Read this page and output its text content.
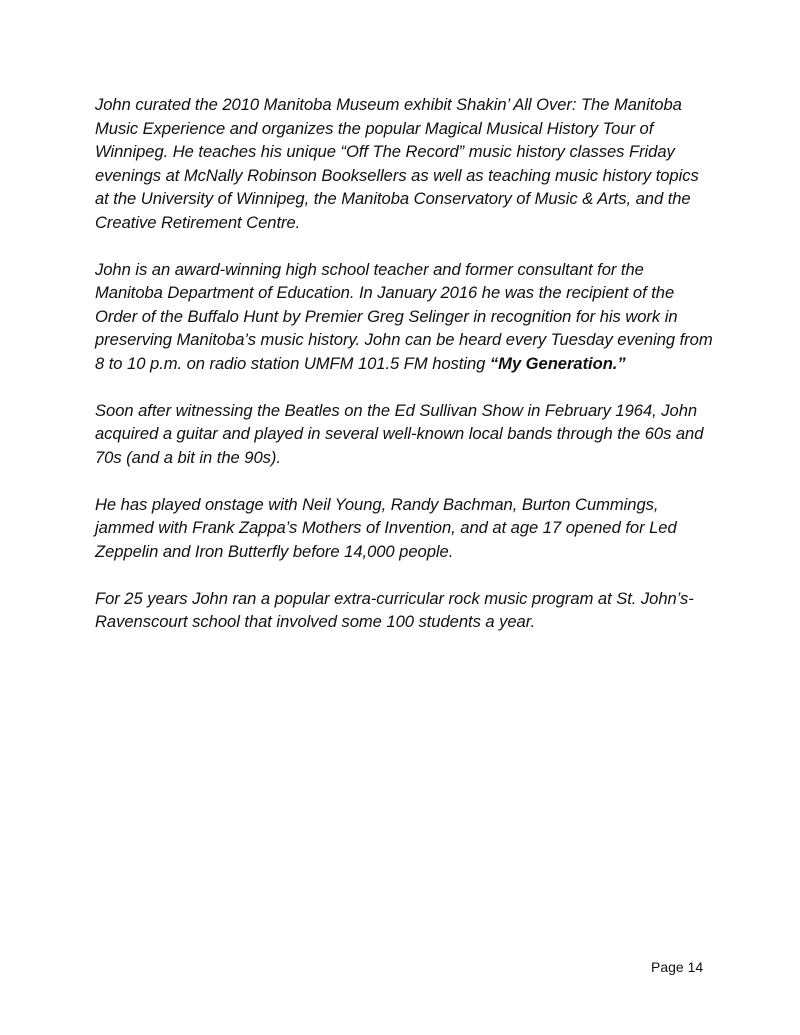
John curated the 2010 Manitoba Museum exhibit Shakin’ All Over: The Manitoba Music Experience and organizes the popular Magical Musical History Tour of Winnipeg. He teaches his unique “Off The Record” music history classes Friday evenings at McNally Robinson Booksellers as well as teaching music history topics at the University of Winnipeg, the Manitoba Conservatory of Music & Arts, and the Creative Retirement Centre.

John is an award-winning high school teacher and former consultant for the Manitoba Department of Education. In January 2016 he was the recipient of the Order of the Buffalo Hunt by Premier Greg Selinger in recognition for his work in preserving Manitoba’s music history. John can be heard every Tuesday evening from 8 to 10 p.m. on radio station UMFM 101.5 FM hosting “My Generation.”

Soon after witnessing the Beatles on the Ed Sullivan Show in February 1964, John acquired a guitar and played in several well-known local bands through the 60s and 70s (and a bit in the 90s).

He has played onstage with Neil Young, Randy Bachman, Burton Cummings, jammed with Frank Zappa’s Mothers of Invention, and at age 17 opened for Led Zeppelin and Iron Butterfly before 14,000 people.

For 25 years John ran a popular extra-curricular rock music program at St. John’s-Ravenscourt school that involved some 100 students a year.

Page 14
